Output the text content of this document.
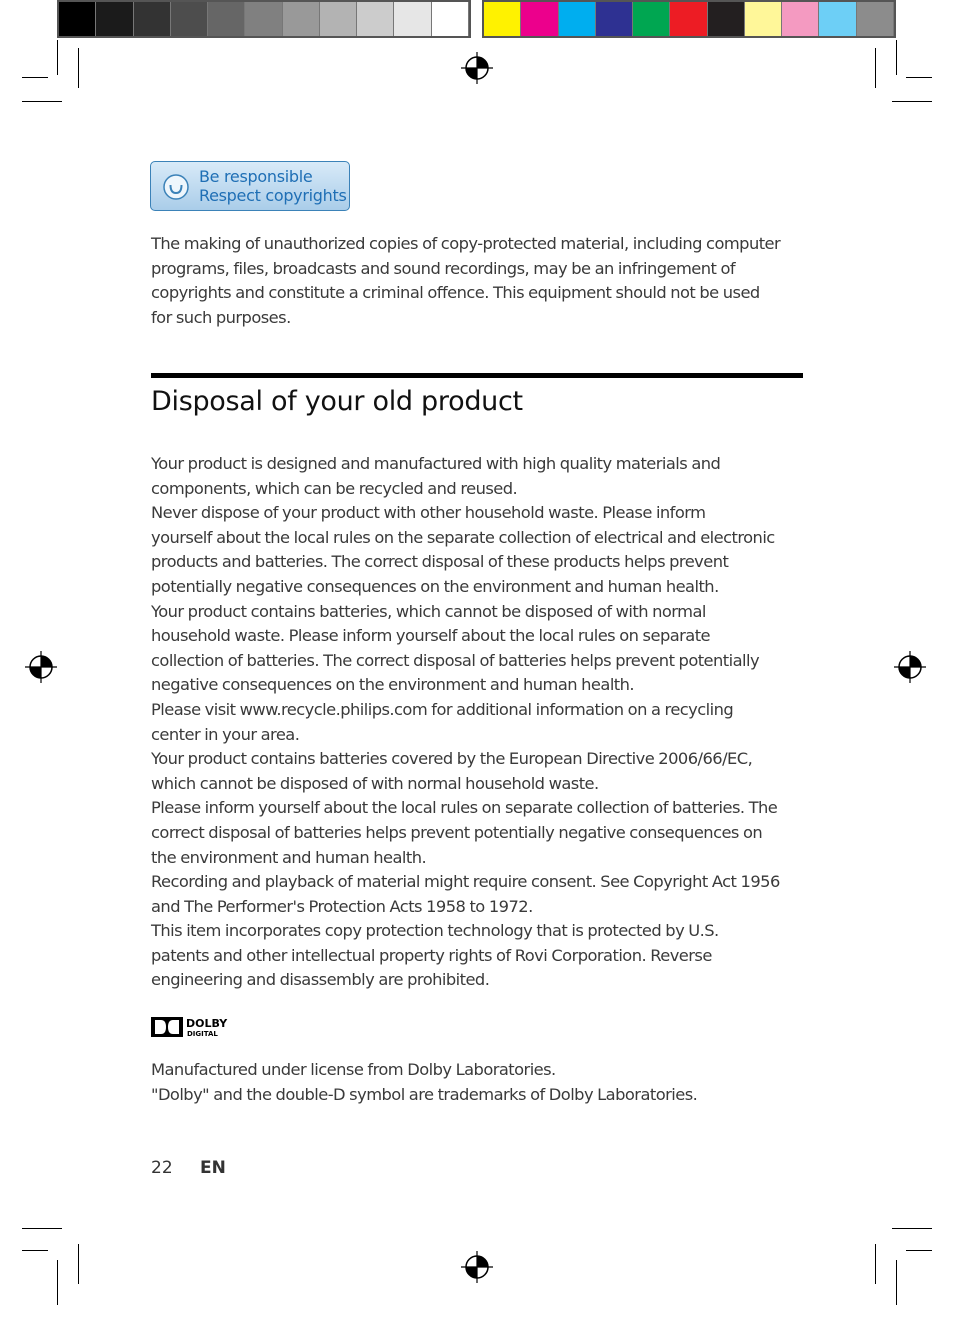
Be responsible
Respect copyrights

The making of unauthorized copies of copy-protected material, including computer

programs, files, broadcasts and sound recordings, may be an infringement of

copyrights and constitute a criminal offence. This equipment should not be used

for such purposes.

Disposal of your old product

Your product is designed and manufactured with high quality materials and

components, which can be recycled and reused.

Never dispose of your product with other household waste. Please inform

yourself about the local rules on the separate collection of electrical and electronic

products and batteries. The correct disposal of these products helps prevent

potentially negative consequences on the environment and human health.

Your product contains batteries, which cannot be disposed of with normal

household waste. Please inform yourself about the local rules on separate

collection of batteries. The correct disposal of batteries helps prevent potentially

negative consequences on the environment and human health.

Please visit www.recycle.philips.com for additional information on a recycling

center in your area.

Your product contains batteries covered by the European Directive 2006/66/EC,

which cannot be disposed of with normal household waste.

Please inform yourself about the local rules on separate collection of batteries. The

correct disposal of batteries helps prevent potentially negative consequences on

the environment and human health.

Recording and playback of material might require consent. See Copyright Act 1956

and The Performer's Protection Acts 1958 to 1972.

This item incorporates copy protection technology that is protected by U.S.

patents and other intellectual property rights of Rovi Corporation. Reverse

engineering and disassembly are prohibited.

DOLBY
DIGITAL

Manufactured under license from Dolby Laboratories.

"Dolby" and the double-D symbol are trademarks of Dolby Laboratories.

22 EN
